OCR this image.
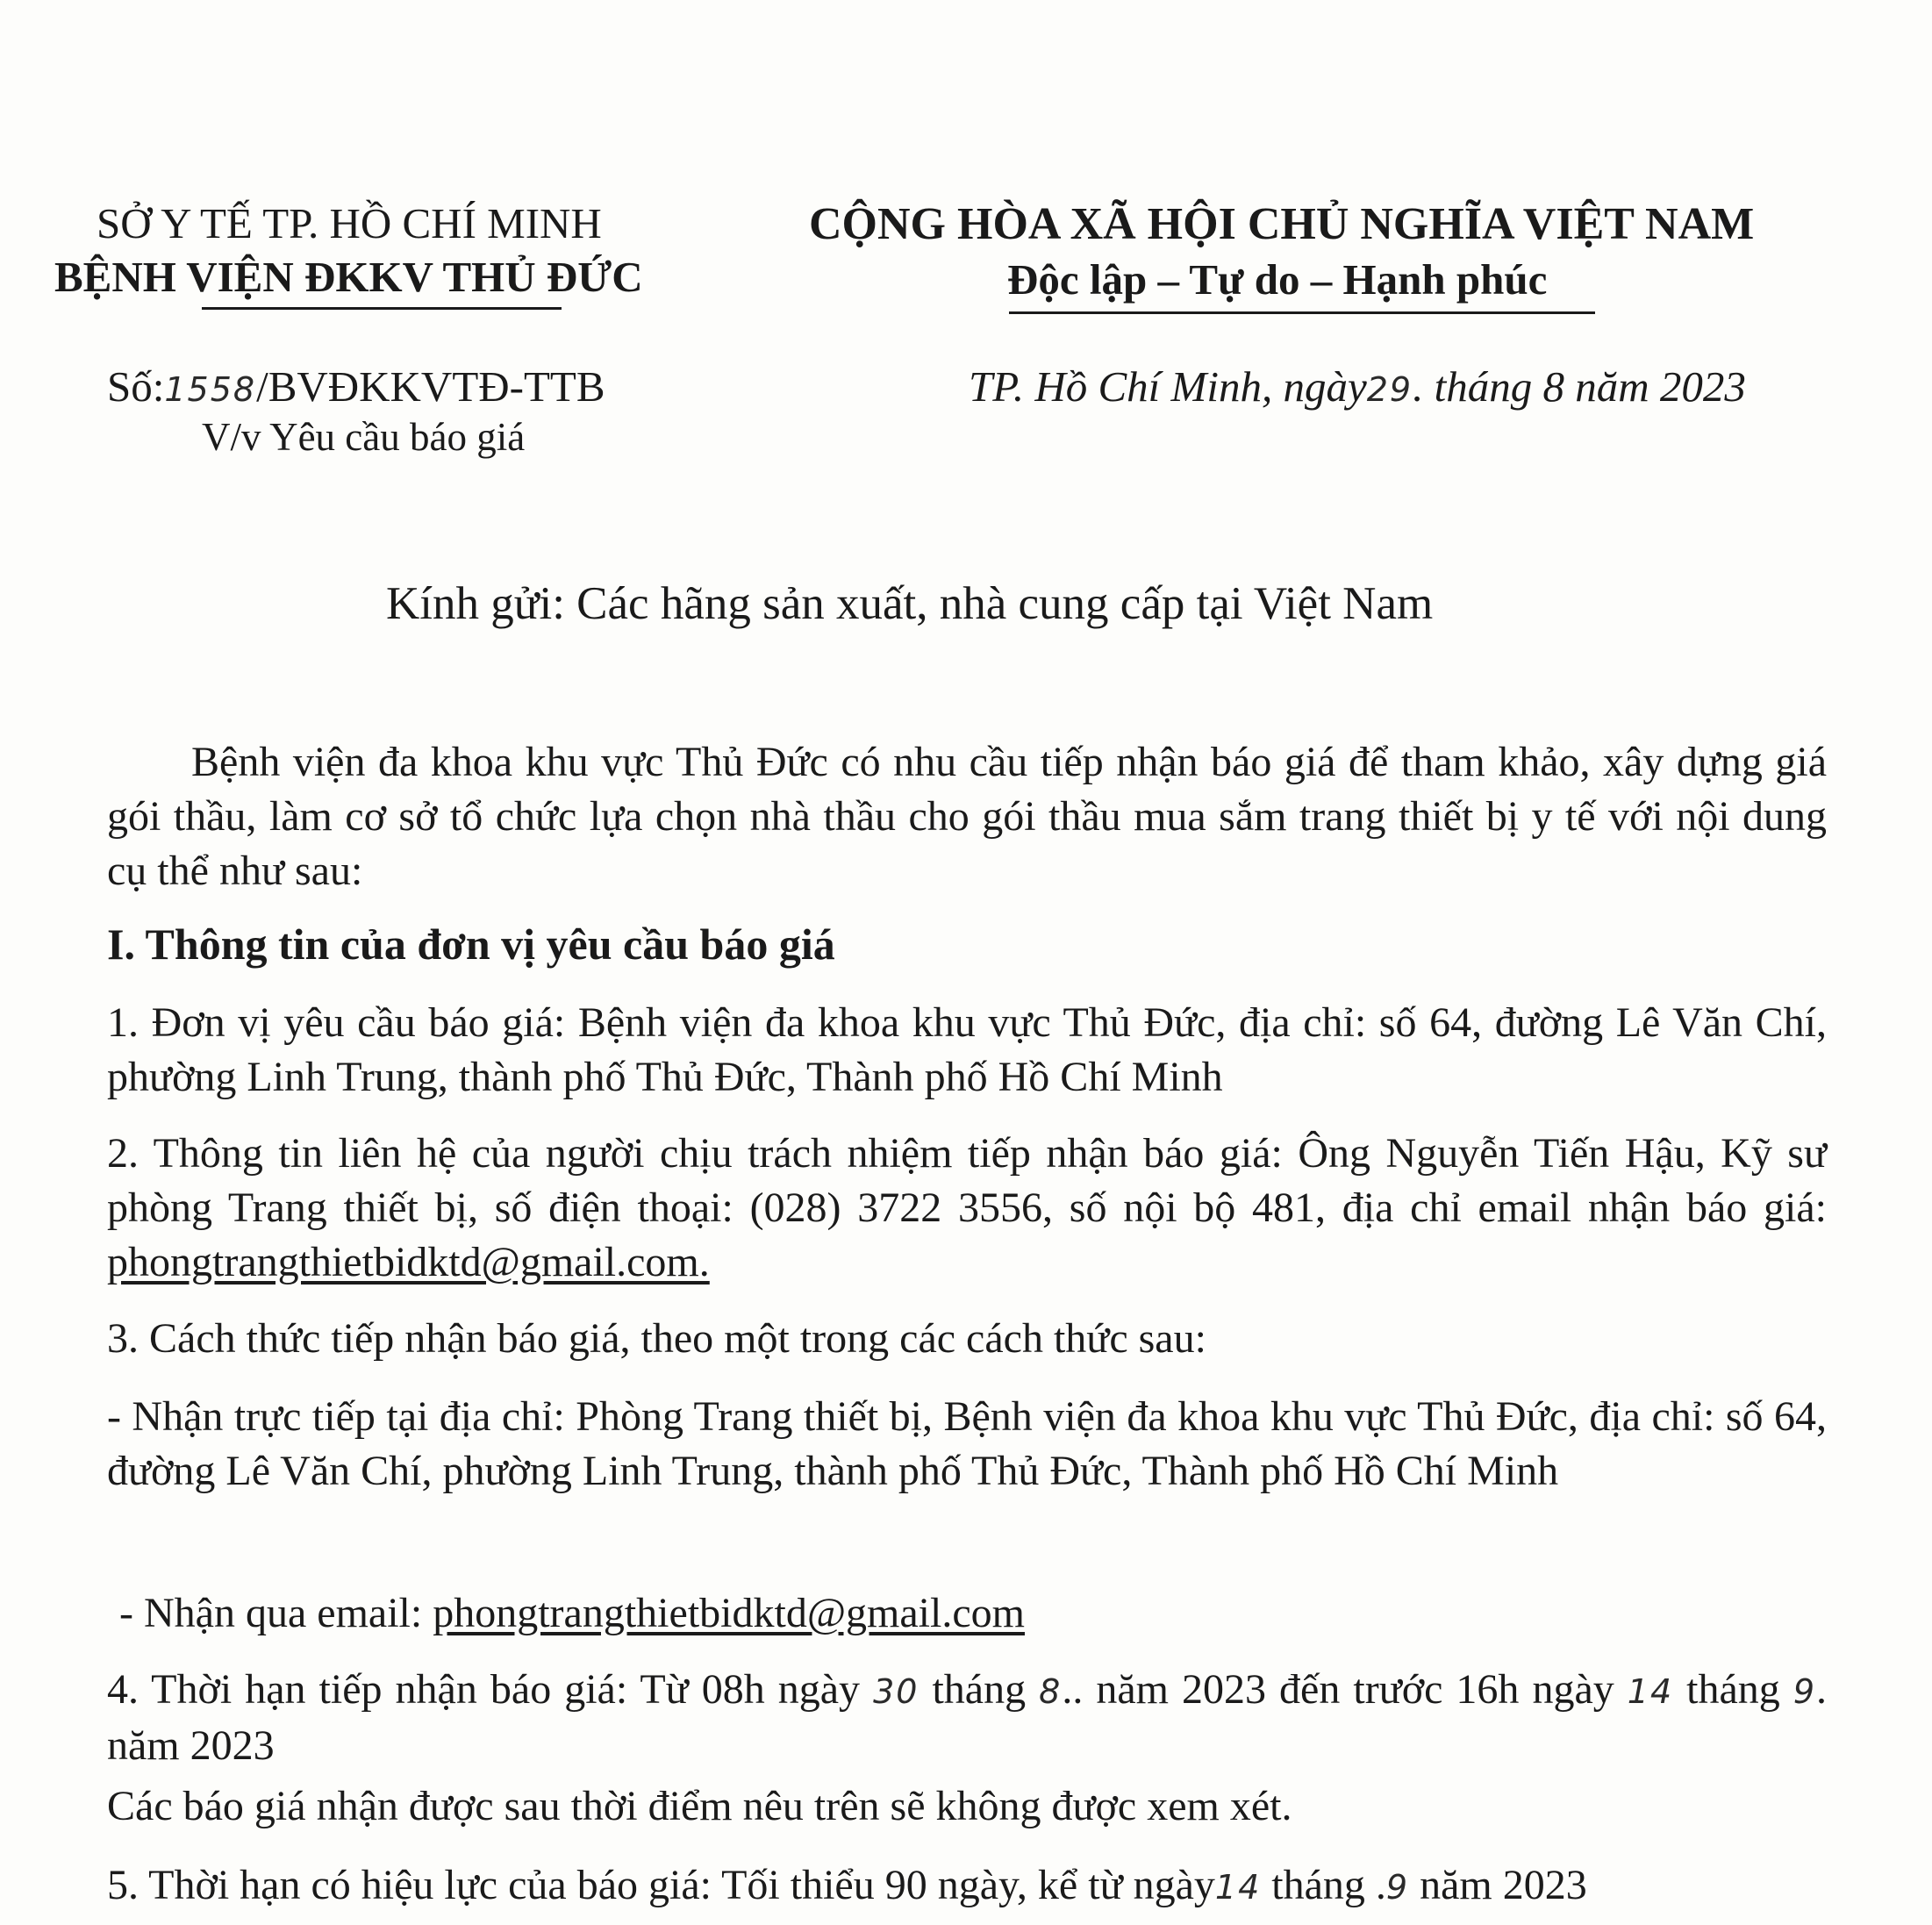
SỞ Y TẾ TP. HỒ CHÍ MINH
BỆNH VIỆN ĐKKV THỦ ĐỨC
CỘNG HÒA XÃ HỘI CHỦ NGHĨA VIỆT NAM
Độc lập – Tự do – Hạnh phúc
Số:1558/BVĐKKVTĐ-TTB
V/v Yêu cầu báo giá
TP. Hồ Chí Minh, ngày29. tháng 8 năm 2023
Kính gửi: Các hãng sản xuất, nhà cung cấp tại Việt Nam
Bệnh viện đa khoa khu vực Thủ Đức có nhu cầu tiếp nhận báo giá để tham khảo, xây dựng giá gói thầu, làm cơ sở tổ chức lựa chọn nhà thầu cho gói thầu mua sắm trang thiết bị y tế với nội dung cụ thể như sau:
I. Thông tin của đơn vị yêu cầu báo giá
1. Đơn vị yêu cầu báo giá: Bệnh viện đa khoa khu vực Thủ Đức, địa chỉ: số 64, đường Lê Văn Chí, phường Linh Trung, thành phố Thủ Đức, Thành phố Hồ Chí Minh
2. Thông tin liên hệ của người chịu trách nhiệm tiếp nhận báo giá: Ông Nguyễn Tiến Hậu, Kỹ sư phòng Trang thiết bị, số điện thoại: (028) 3722 3556, số nội bộ 481, địa chỉ email nhận báo giá: phongtrangthietbidktd@gmail.com.
3. Cách thức tiếp nhận báo giá, theo một trong các cách thức sau:
- Nhận trực tiếp tại địa chỉ: Phòng Trang thiết bị, Bệnh viện đa khoa khu vực Thủ Đức, địa chỉ: số 64, đường Lê Văn Chí, phường Linh Trung, thành phố Thủ Đức, Thành phố Hồ Chí Minh
- Nhận qua email: phongtrangthietbidktd@gmail.com
4. Thời hạn tiếp nhận báo giá: Từ 08h ngày 30 tháng 8.. năm 2023 đến trước 16h ngày 14 tháng 9. năm 2023
Các báo giá nhận được sau thời điểm nêu trên sẽ không được xem xét.
5. Thời hạn có hiệu lực của báo giá: Tối thiểu 90 ngày, kể từ ngày14 tháng .9 năm 2023
